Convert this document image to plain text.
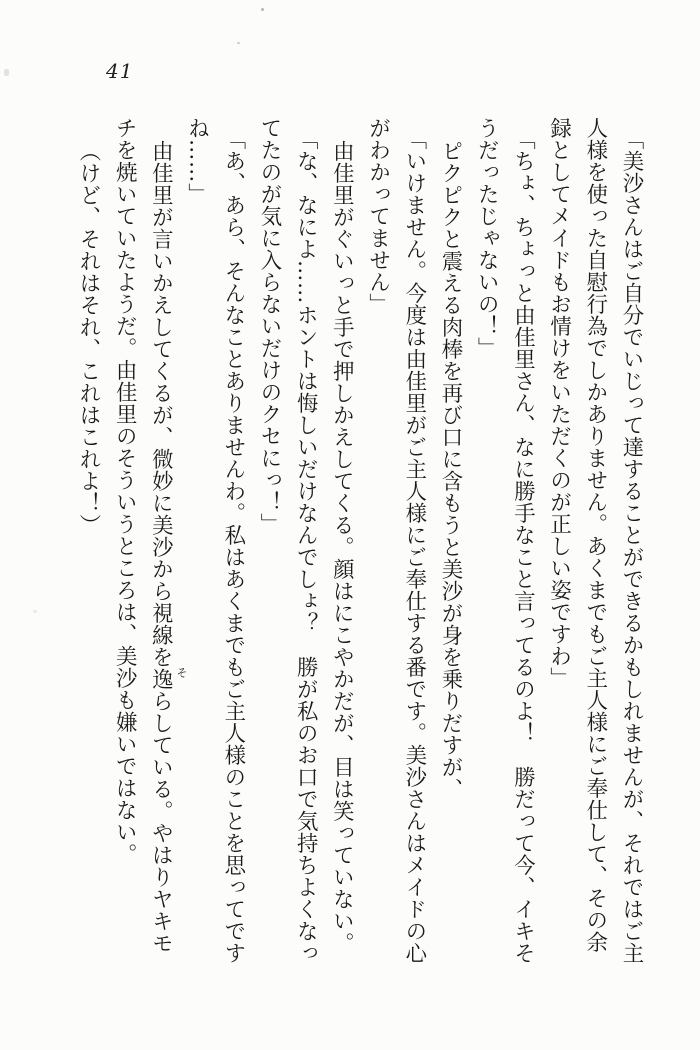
41
「美沙さんはご自分でいじって達することができるかもしれませんが、それではご主
人様を使った自慰行為でしかありません。あくまでもご主人様にご奉仕して、その余
録としてメイドもお情けをいただくのが正しい姿ですわ」
「ちょ、ちょっと由佳里さん、なに勝手なこと言ってるのよ！　勝だって今、イキそ
うだったじゃないの！」
ピクピクと震える肉棒を再び口に含もうと美沙が身を乗りだすが、
「いけません。今度は由佳里がご主人様にご奉仕する番です。美沙さんはメイドの心
がわかってません」
由佳里がぐいっと手で押しかえしてくる。顔はにこやかだが、目は笑っていない。
「な、なによ……ホントは悔しいだけなんでしょ？　勝が私のお口で気持ちよくなっ
てたのが気に入らないだけのクセにっ！」
「あ、あら、そんなことありませんわ。私はあくまでもご主人様のことを思ってです
ね……」
由佳里が言いかえしてくるが、微妙に美沙から視線を逸らしている。やはりヤキモ
チを焼いていたようだ。由佳里のそういうところは、美沙も嫌いではない。
（けど、それはそれ、これはこれよ！）
そ
